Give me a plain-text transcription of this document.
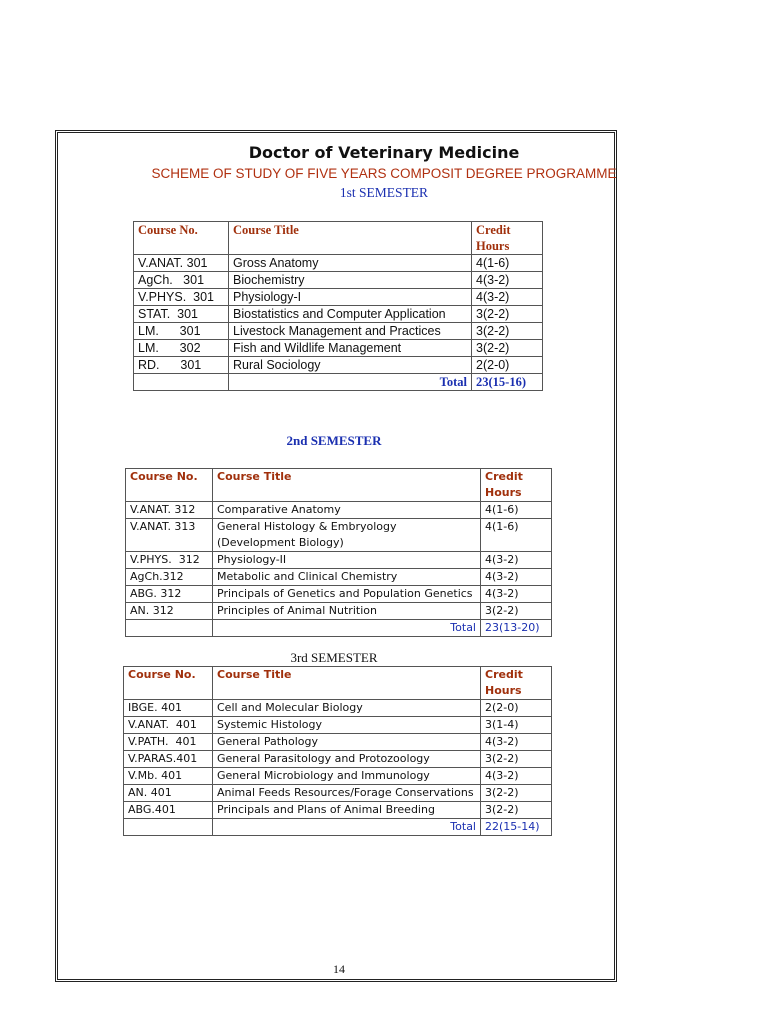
Doctor of Veterinary Medicine
SCHEME OF STUDY OF FIVE YEARS COMPOSIT DEGREE PROGRAMME
1st SEMESTER
Course No.	Course Title	Credit Hours
V.ANAT. 301	Gross Anatomy	4(1-6)
AgCh.   301	Biochemistry	4(3-2)
V.PHYS.  301	Physiology-I	4(3-2)
STAT.  301	Biostatistics and Computer Application	3(2-2)
LM.      301	Livestock Management and Practices	3(2-2)
LM.      302	Fish and Wildlife Management	3(2-2)
RD.      301	Rural Sociology	2(2-0)
	Total	23(15-16)
2nd SEMESTER
Course No.	Course Title	Credit Hours
V.ANAT. 312	Comparative Anatomy	4(1-6)
V.ANAT. 313	General Histology & Embryology (Development Biology)	4(1-6)
V.PHYS.  312	Physiology-II	4(3-2)
AgCh.312	Metabolic and Clinical Chemistry	4(3-2)
ABG. 312	Principals of Genetics and Population Genetics	4(3-2)
AN. 312	Principles of Animal Nutrition	3(2-2)
	Total	23(13-20)
3rd SEMESTER
Course No.	Course Title	Credit Hours
IBGE. 401	Cell and Molecular Biology	2(2-0)
V.ANAT.  401	Systemic Histology	3(1-4)
V.PATH.  401	General Pathology	4(3-2)
V.PARAS.401	General Parasitology and Protozoology	3(2-2)
V.Mb. 401	General Microbiology and Immunology	4(3-2)
AN. 401	Animal Feeds Resources/Forage Conservations	3(2-2)
ABG.401	Principals and Plans of Animal Breeding	3(2-2)
	Total	22(15-14)
14
